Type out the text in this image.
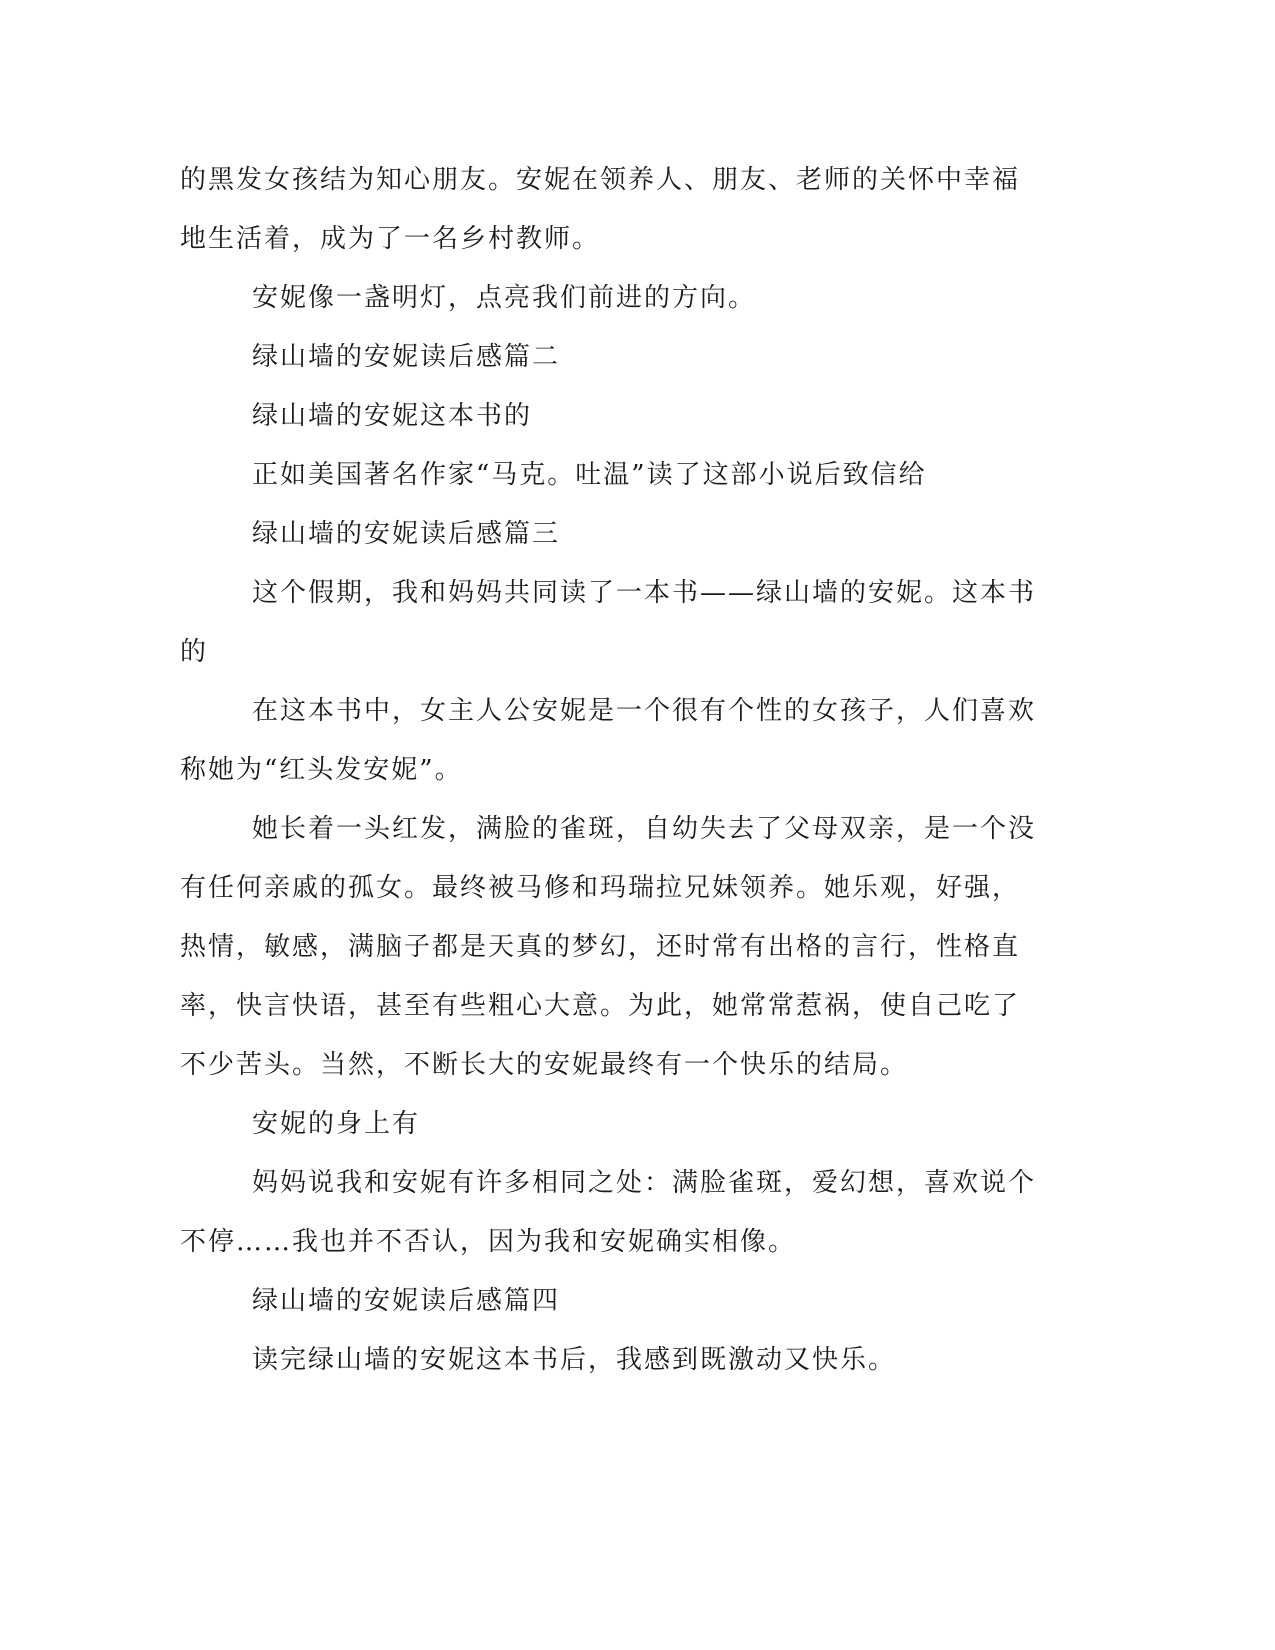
的黑发女孩结为知心朋友。安妮在领养人、朋友、老师的关怀中幸福

地生活着，成为了一名乡村教师。

安妮像一盏明灯，点亮我们前进的方向。

绿山墙的安妮读后感篇二

绿山墙的安妮这本书的

正如美国著名作家“马克。吐温”读了这部小说后致信给

绿山墙的安妮读后感篇三

这个假期，我和妈妈共同读了一本书——绿山墙的安妮。这本书

的

在这本书中，女主人公安妮是一个很有个性的女孩子，人们喜欢

称她为“红头发安妮”。

她长着一头红发，满脸的雀斑，自幼失去了父母双亲，是一个没

有任何亲戚的孤女。最终被马修和玛瑞拉兄妹领养。她乐观，好强，

热情，敏感，满脑子都是天真的梦幻，还时常有出格的言行，性格直

率，快言快语，甚至有些粗心大意。为此，她常常惹祸，使自己吃了

不少苦头。当然，不断长大的安妮最终有一个快乐的结局。

安妮的身上有

妈妈说我和安妮有许多相同之处：满脸雀斑，爱幻想，喜欢说个

不停……我也并不否认，因为我和安妮确实相像。

绿山墙的安妮读后感篇四

读完绿山墙的安妮这本书后，我感到既激动又快乐。
